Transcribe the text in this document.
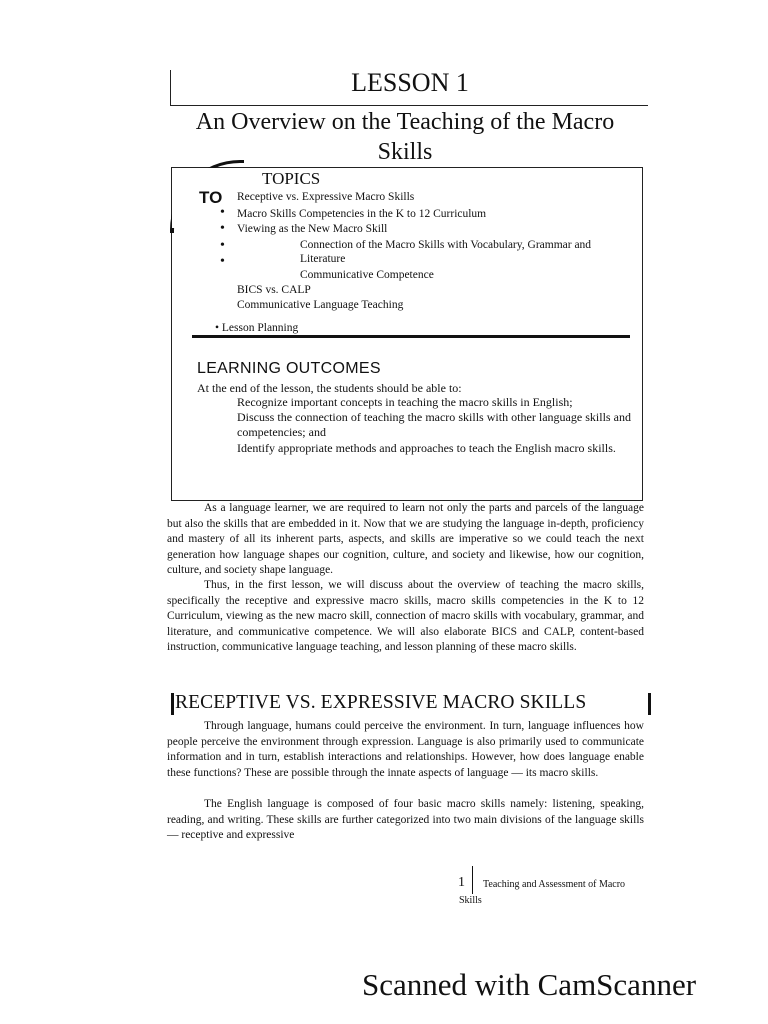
LESSON 1
An Overview on the Teaching of the Macro Skills
TOPICS
TO
•
•
•
•
Receptive vs. Expressive Macro Skills
Macro Skills Competencies in the K to 12 Curriculum
Viewing as the New Macro Skill
Connection of the Macro Skills with Vocabulary, Grammar and Literature
Communicative Competence
BICS vs. CALP
Communicative Language Teaching
• Lesson Planning
LEARNING OUTCOMES
At the end of the lesson, the students should be able to:
Recognize important concepts in teaching the macro skills in English;
Discuss the connection of teaching the macro skills with other language skills and competencies; and
Identify appropriate methods and approaches to teach the English macro skills.
As a language learner, we are required to learn not only the parts and parcels of the language but also the skills that are embedded in it. Now that we are studying the language in-depth, proficiency and mastery of all its inherent parts, aspects, and skills are imperative so we could teach the next generation how language shapes our cognition, culture, and society and likewise, how our cognition, culture, and society shape language.
Thus, in the first lesson, we will discuss about the overview of teaching the macro skills, specifically the receptive and expressive macro skills, macro skills competencies in the K to 12 Curriculum, viewing as the new macro skill, connection of macro skills with vocabulary, grammar, and literature, and communicative competence. We will also elaborate BICS and CALP, content-based instruction, communicative language teaching, and lesson planning of these macro skills.
RECEPTIVE VS. EXPRESSIVE MACRO SKILLS
Through language, humans could perceive the environment. In turn, language influences how people perceive the environment through expression. Language is also primarily used to communicate information and in turn, establish interactions and relationships. However, how does language enable these functions? These are possible through the innate aspects of language — its macro skills.
The English language is composed of four basic macro skills namely: listening, speaking, reading, and writing. These skills are further categorized into two main divisions of the language skills — receptive and expressive
1 Teaching and Assessment of Macro
Skills
Scanned with CamScanner
